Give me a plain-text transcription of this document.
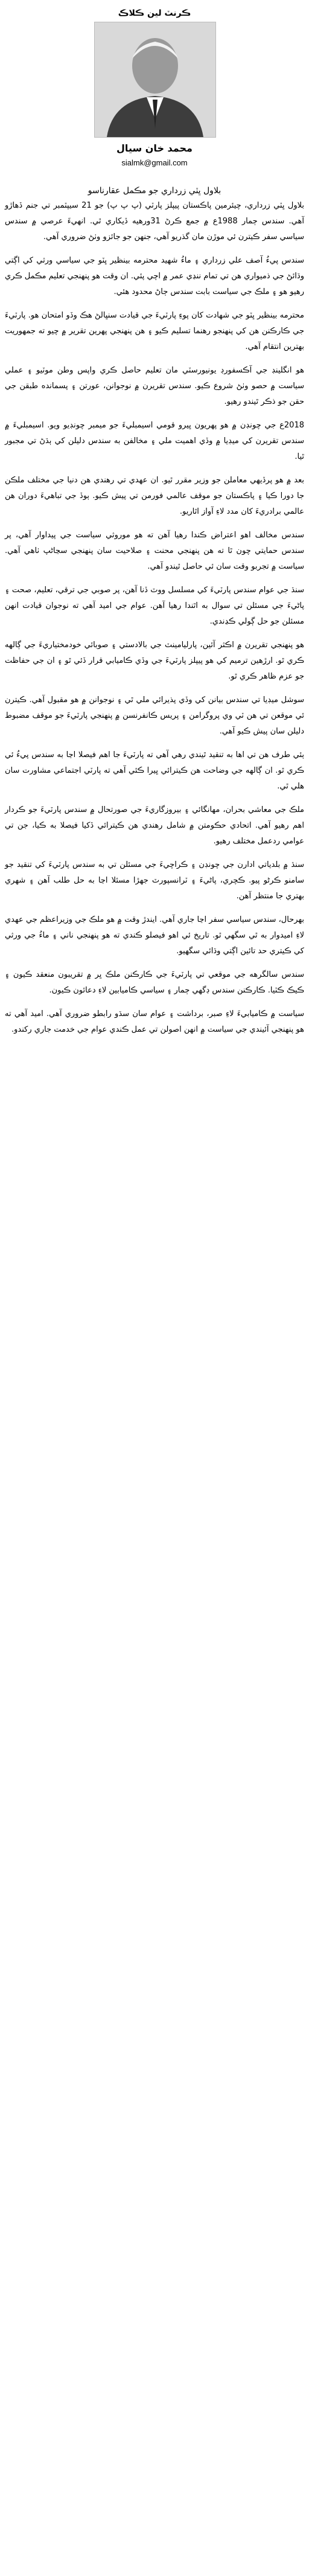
ڪرنٽ لين ڪلاڪ
محمد خان سيال
sialmk@gmail.com
بلاول ڀٽي زرداري جو مڪمل عقارناسو

بلاول ڀٽي زرداري، چيئرمين پاڪستان پيپلز پارٽي (پ پ پ) جو 21 سيپٽمبر تي جنم ڏهاڙو آهي. سندس ڄمار 1988ع ۾ جمع ڪرڻ 31ورهيه ڏيکاري ٿي. انهيءَ عرصي ۾ سندس سياسي سفر ڪيترن ئي موڙن مان گذريو آهي، جنهن جو جائزو وٺڻ ضروري آهي.

سندس پيءُ آصف علي زرداري ۽ ماءُ شهيد محترمه بينظير ڀٽو جي سياسي ورثي کي اڳتي وڌائڻ جي ذميواري هن تي تمام ننڍي عمر ۾ اچي پئي. ان وقت هو پنهنجي تعليم مڪمل ڪري رهيو هو ۽ ملڪ جي سياست بابت سندس ڄاڻ محدود هئي.

محترمه بينظير ڀٽو جي شهادت کان پوءِ پارٽيءَ جي قيادت سنڀالڻ هڪ وڏو امتحان هو. پارٽيءَ جي ڪارڪنن هن کي پنهنجو رهنما تسليم ڪيو ۽ هن پنهنجي پهرين تقرير ۾ چيو ته جمهوريت بهترين انتقام آهي.

هو انگلينڊ جي آڪسفورڊ يونيورسٽي مان تعليم حاصل ڪري واپس وطن موٽيو ۽ عملي سياست ۾ حصو وٺڻ شروع ڪيو. سندس تقريرن ۾ نوجوانن، عورتن ۽ پسمانده طبقن جي حقن جو ذڪر ٿيندو رهيو.

2018ع جي چونڊن ۾ هو پهريون ڀيرو قومي اسيمبليءَ جو ميمبر چونڊيو ويو. اسيمبليءَ ۾ سندس تقريرن کي ميڊيا ۾ وڏي اهميت ملي ۽ مخالفن به سندس دليلن کي ٻڌڻ تي مجبور ٿيا.

بعد ۾ هو پرڏيهي معاملن جو وزير مقرر ٿيو. ان عهدي تي رهندي هن دنيا جي مختلف ملڪن جا دورا ڪيا ۽ پاڪستان جو موقف عالمي فورمن تي پيش ڪيو. ٻوڏ جي تباهيءَ دوران هن عالمي برادريءَ کان مدد لاءِ آواز اٿاريو.

سندس مخالف اهو اعتراض ڪندا رهيا آهن ته هو موروثي سياست جي پيداوار آهي، پر سندس حمايتي چون ٿا ته هن پنهنجي محنت ۽ صلاحيت سان پنهنجي سڃاڻپ ٺاهي آهي. سياست ۾ تجربو وقت سان ئي حاصل ٿيندو آهي.

سنڌ جي عوام سندس پارٽيءَ کي مسلسل ووٽ ڏنا آهن، پر صوبي جي ترقي، تعليم، صحت ۽ پاڻيءَ جي مسئلن تي سوال به اٿندا رهيا آهن. عوام جي اميد آهي ته نوجوان قيادت انهن مسئلن جو حل ڳولي ڪڍندي.

هو پنهنجي تقريرن ۾ اڪثر آئين، پارليامينٽ جي بالادستي ۽ صوبائي خودمختياريءَ جي ڳالهه ڪري ٿو. ارڙهين ترميم کي هو پيپلز پارٽيءَ جي وڏي ڪاميابي قرار ڏئي ٿو ۽ ان جي حفاظت جو عزم ظاهر ڪري ٿو.

سوشل ميڊيا تي سندس بيانن کي وڏي پذيرائي ملي ٿي ۽ نوجوانن ۾ هو مقبول آهي. ڪيترن ئي موقعن تي هن ٽي وي پروگرامن ۽ پريس ڪانفرنسن ۾ پنهنجي پارٽيءَ جو موقف مضبوط دليلن سان پيش ڪيو آهي.

ٻئي طرف هن تي اها به تنقيد ٿيندي رهي آهي ته پارٽيءَ جا اهم فيصلا اڃا به سندس پيءُ ئي ڪري ٿو. ان ڳالهه جي وضاحت هن ڪيترائي ڀيرا ڪئي آهي ته پارٽي اجتماعي مشاورت سان هلي ٿي.

ملڪ جي معاشي بحران، مهانگائي ۽ بيروزگاريءَ جي صورتحال ۾ سندس پارٽيءَ جو ڪردار اهم رهيو آهي. اتحادي حڪومتن ۾ شامل رهندي هن ڪيترائي ڏکيا فيصلا به ڪيا، جن تي عوامي ردعمل مختلف رهيو.

سنڌ ۾ بلدياتي ادارن جي چونڊن ۽ ڪراچيءَ جي مسئلن تي به سندس پارٽيءَ کي تنقيد جو سامنو ڪرڻو پيو. ڪچري، پاڻيءَ ۽ ٽرانسپورٽ جهڙا مسئلا اڃا به حل طلب آهن ۽ شهري بهتري جا منتظر آهن.

بهرحال، سندس سياسي سفر اڃا جاري آهي. ايندڙ وقت ۾ هو ملڪ جي وزيراعظم جي عهدي لاءِ اميدوار به ٿي سگهي ٿو. تاريخ ئي اهو فيصلو ڪندي ته هو پنهنجي ناني ۽ ماءُ جي ورثي کي ڪيتري حد تائين اڳتي وڌائي سگهيو.

سندس سالگرهه جي موقعي تي پارٽيءَ جي ڪارڪنن ملڪ ڀر ۾ تقريبون منعقد ڪيون ۽ ڪيڪ ڪٽيا. ڪارڪنن سندس ڊگهي ڄمار ۽ سياسي ڪاميابين لاءِ دعائون ڪيون.

سياست ۾ ڪاميابيءَ لاءِ صبر، برداشت ۽ عوام سان سڌو رابطو ضروري آهي. اميد آهي ته هو پنهنجي آئيندي جي سياست ۾ انهن اصولن تي عمل ڪندي عوام جي خدمت جاري رکندو.
